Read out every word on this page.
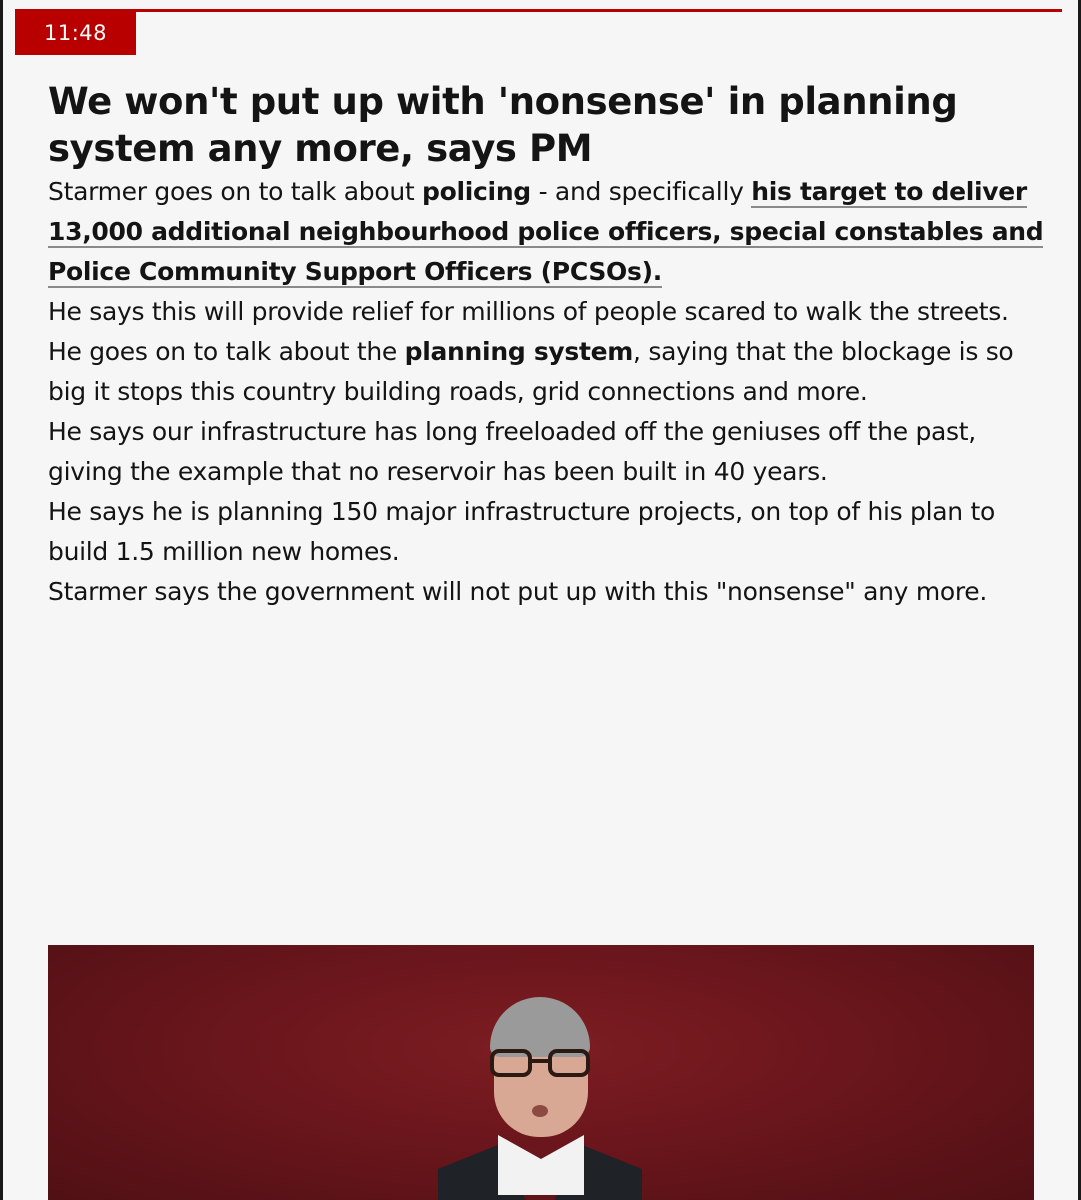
11:48
We won't put up with 'nonsense' in planning system any more, says PM

Starmer goes on to talk about policing - and specifically his target to deliver 13,000 additional neighbourhood police officers, special constables and Police Community Support Officers (PCSOs).

He says this will provide relief for millions of people scared to walk the streets.

He goes on to talk about the planning system, saying that the blockage is so big it stops this country building roads, grid connections and more.

He says our infrastructure has long freeloaded off the geniuses off the past, giving the example that no reservoir has been built in 40 years.

He says he is planning 150 major infrastructure projects, on top of his plan to build 1.5 million new homes.

Starmer says the government will not put up with this "nonsense" any more.
